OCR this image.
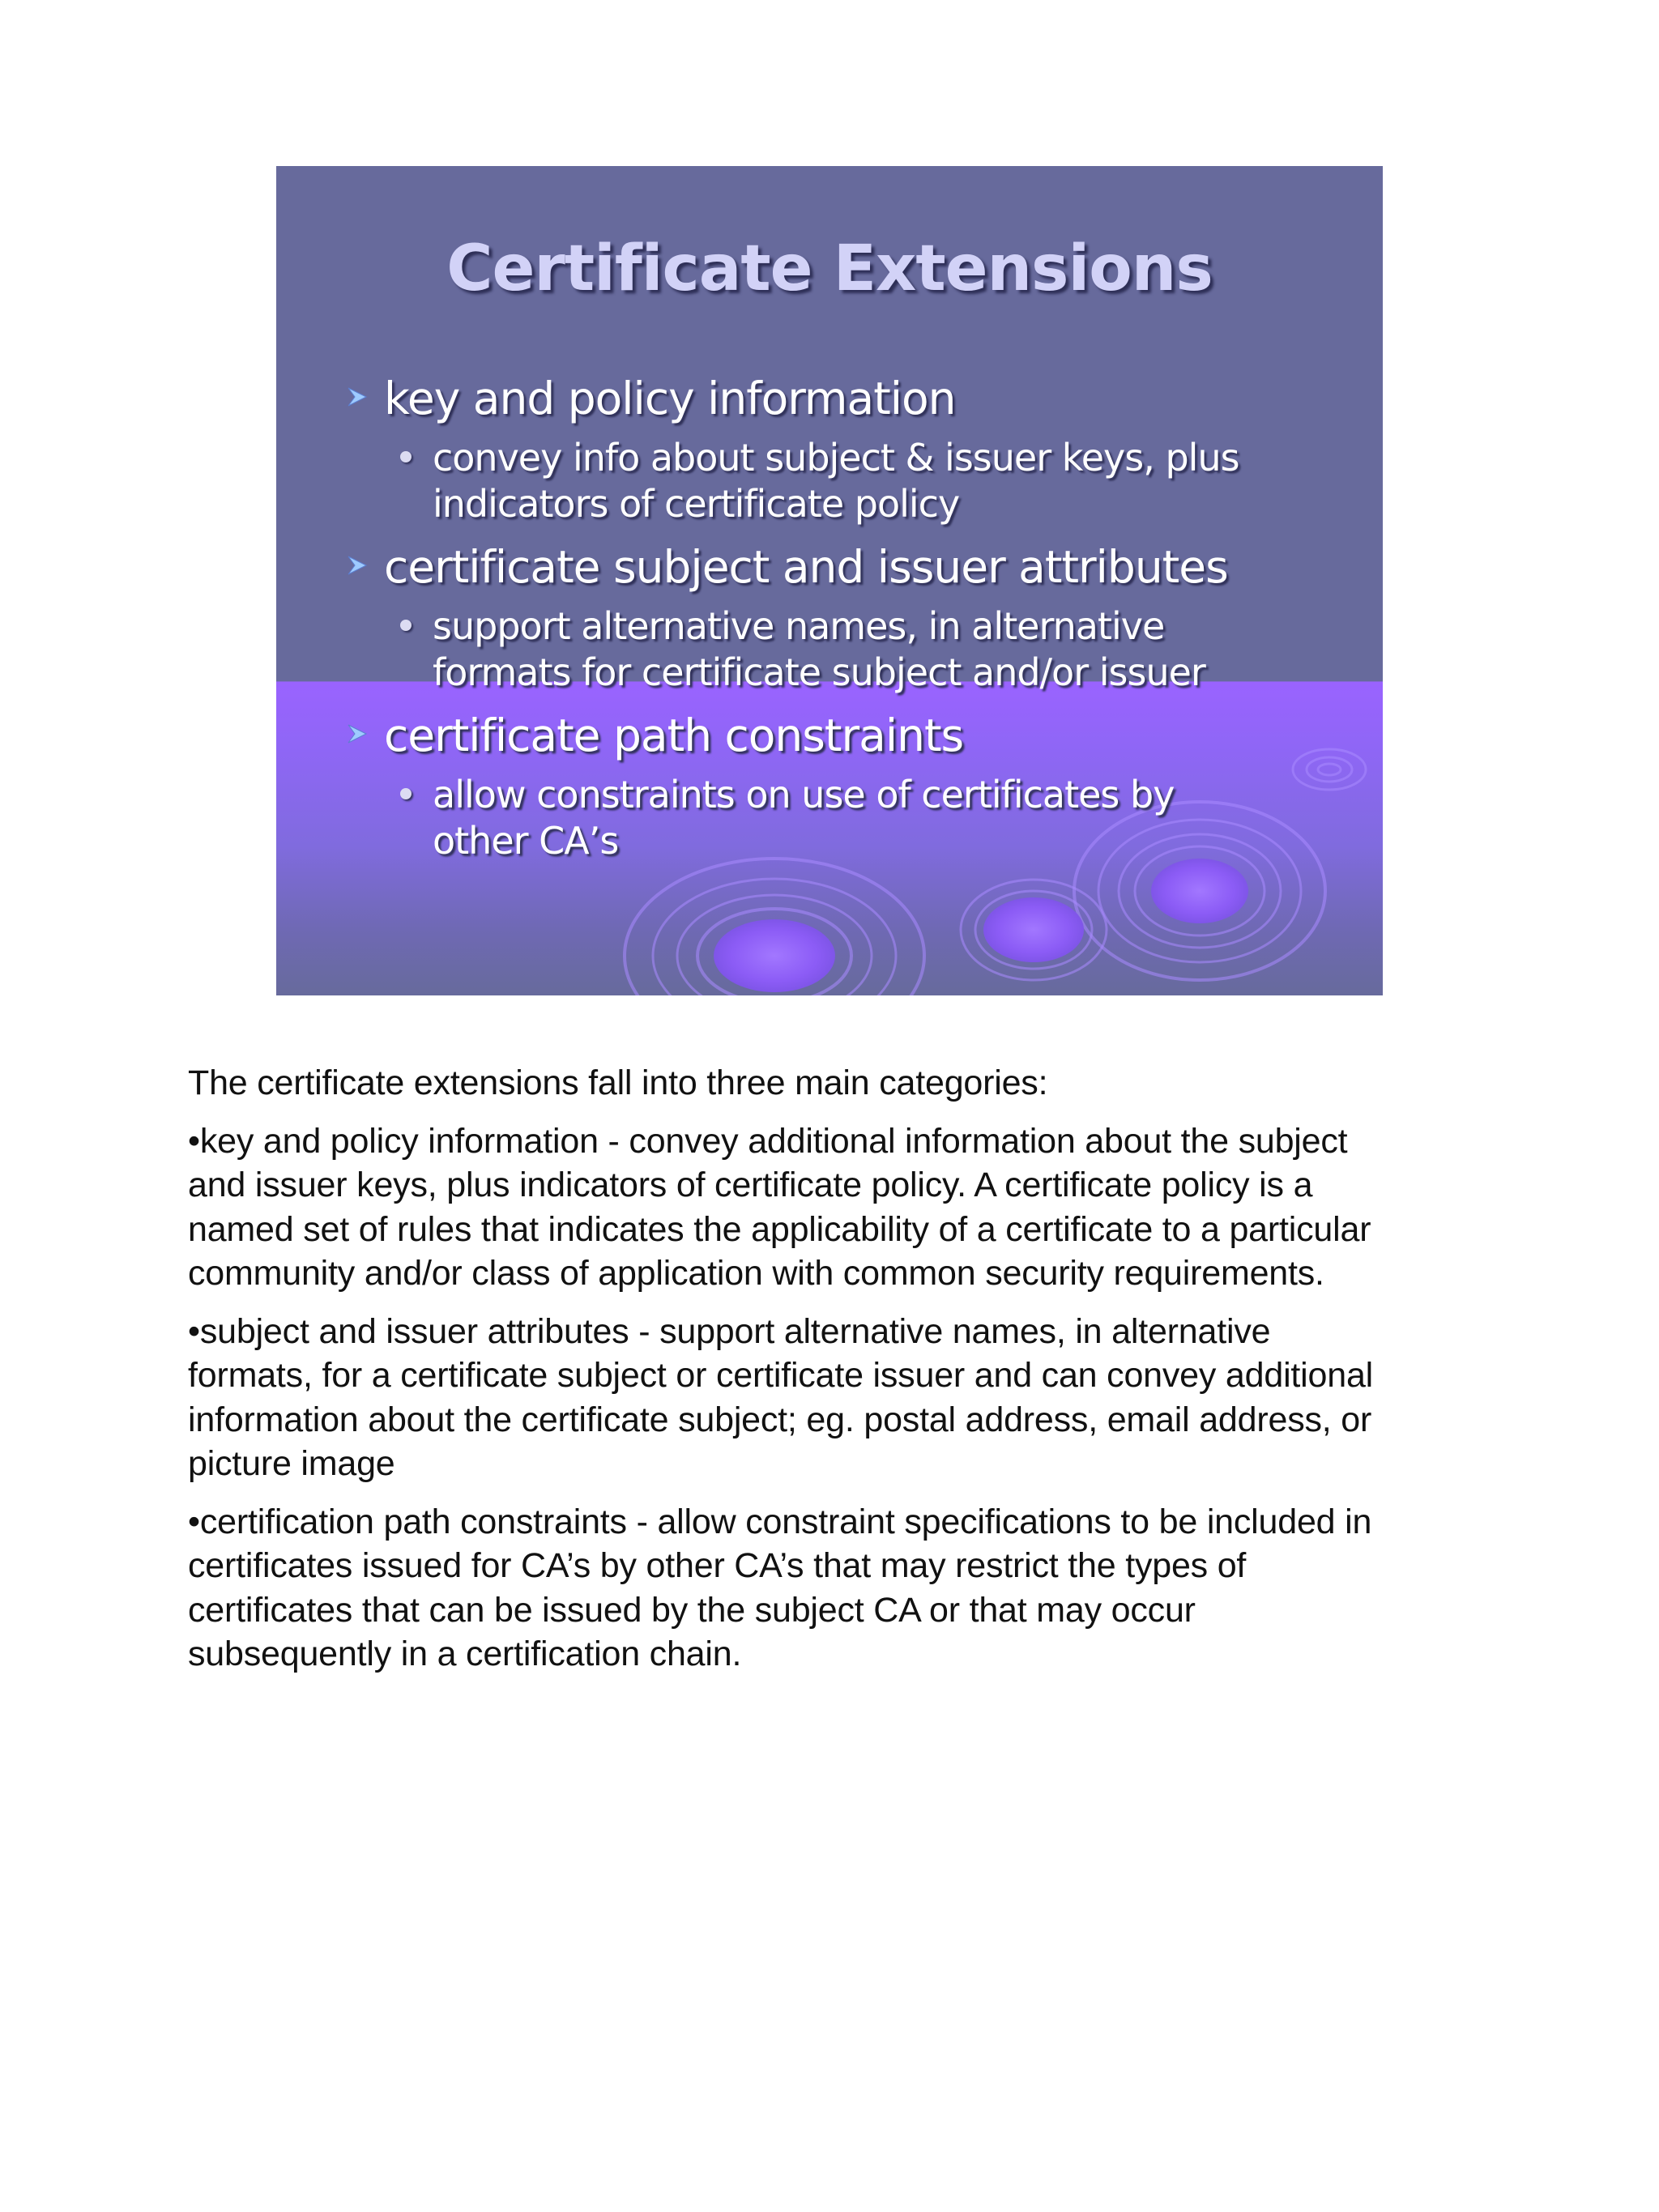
Certificate Extensions
key and policy information
convey info about subject & issuer keys, plus
indicators of certificate policy
certificate subject and issuer attributes
support alternative names, in alternative
formats for certificate subject and/or issuer
certificate path constraints
allow constraints on use of certificates by
other CA’s

The certificate extensions fall into three main categories:

•key and policy information - convey additional information about the subject

and issuer keys, plus indicators of certificate policy. A certificate policy is a

named set of rules that indicates the applicability of a certificate to a particular

community and/or class of application with common security requirements.

•subject and issuer attributes - support alternative names, in alternative

formats, for a certificate subject or certificate issuer and can convey additional

information about the certificate subject; eg. postal address, email address, or

picture image

•certification path constraints - allow constraint specifications to be included in

certificates issued for CA’s by other CA’s that may restrict the types of

certificates that can be issued by the subject CA or that may occur

subsequently in a certification chain.
